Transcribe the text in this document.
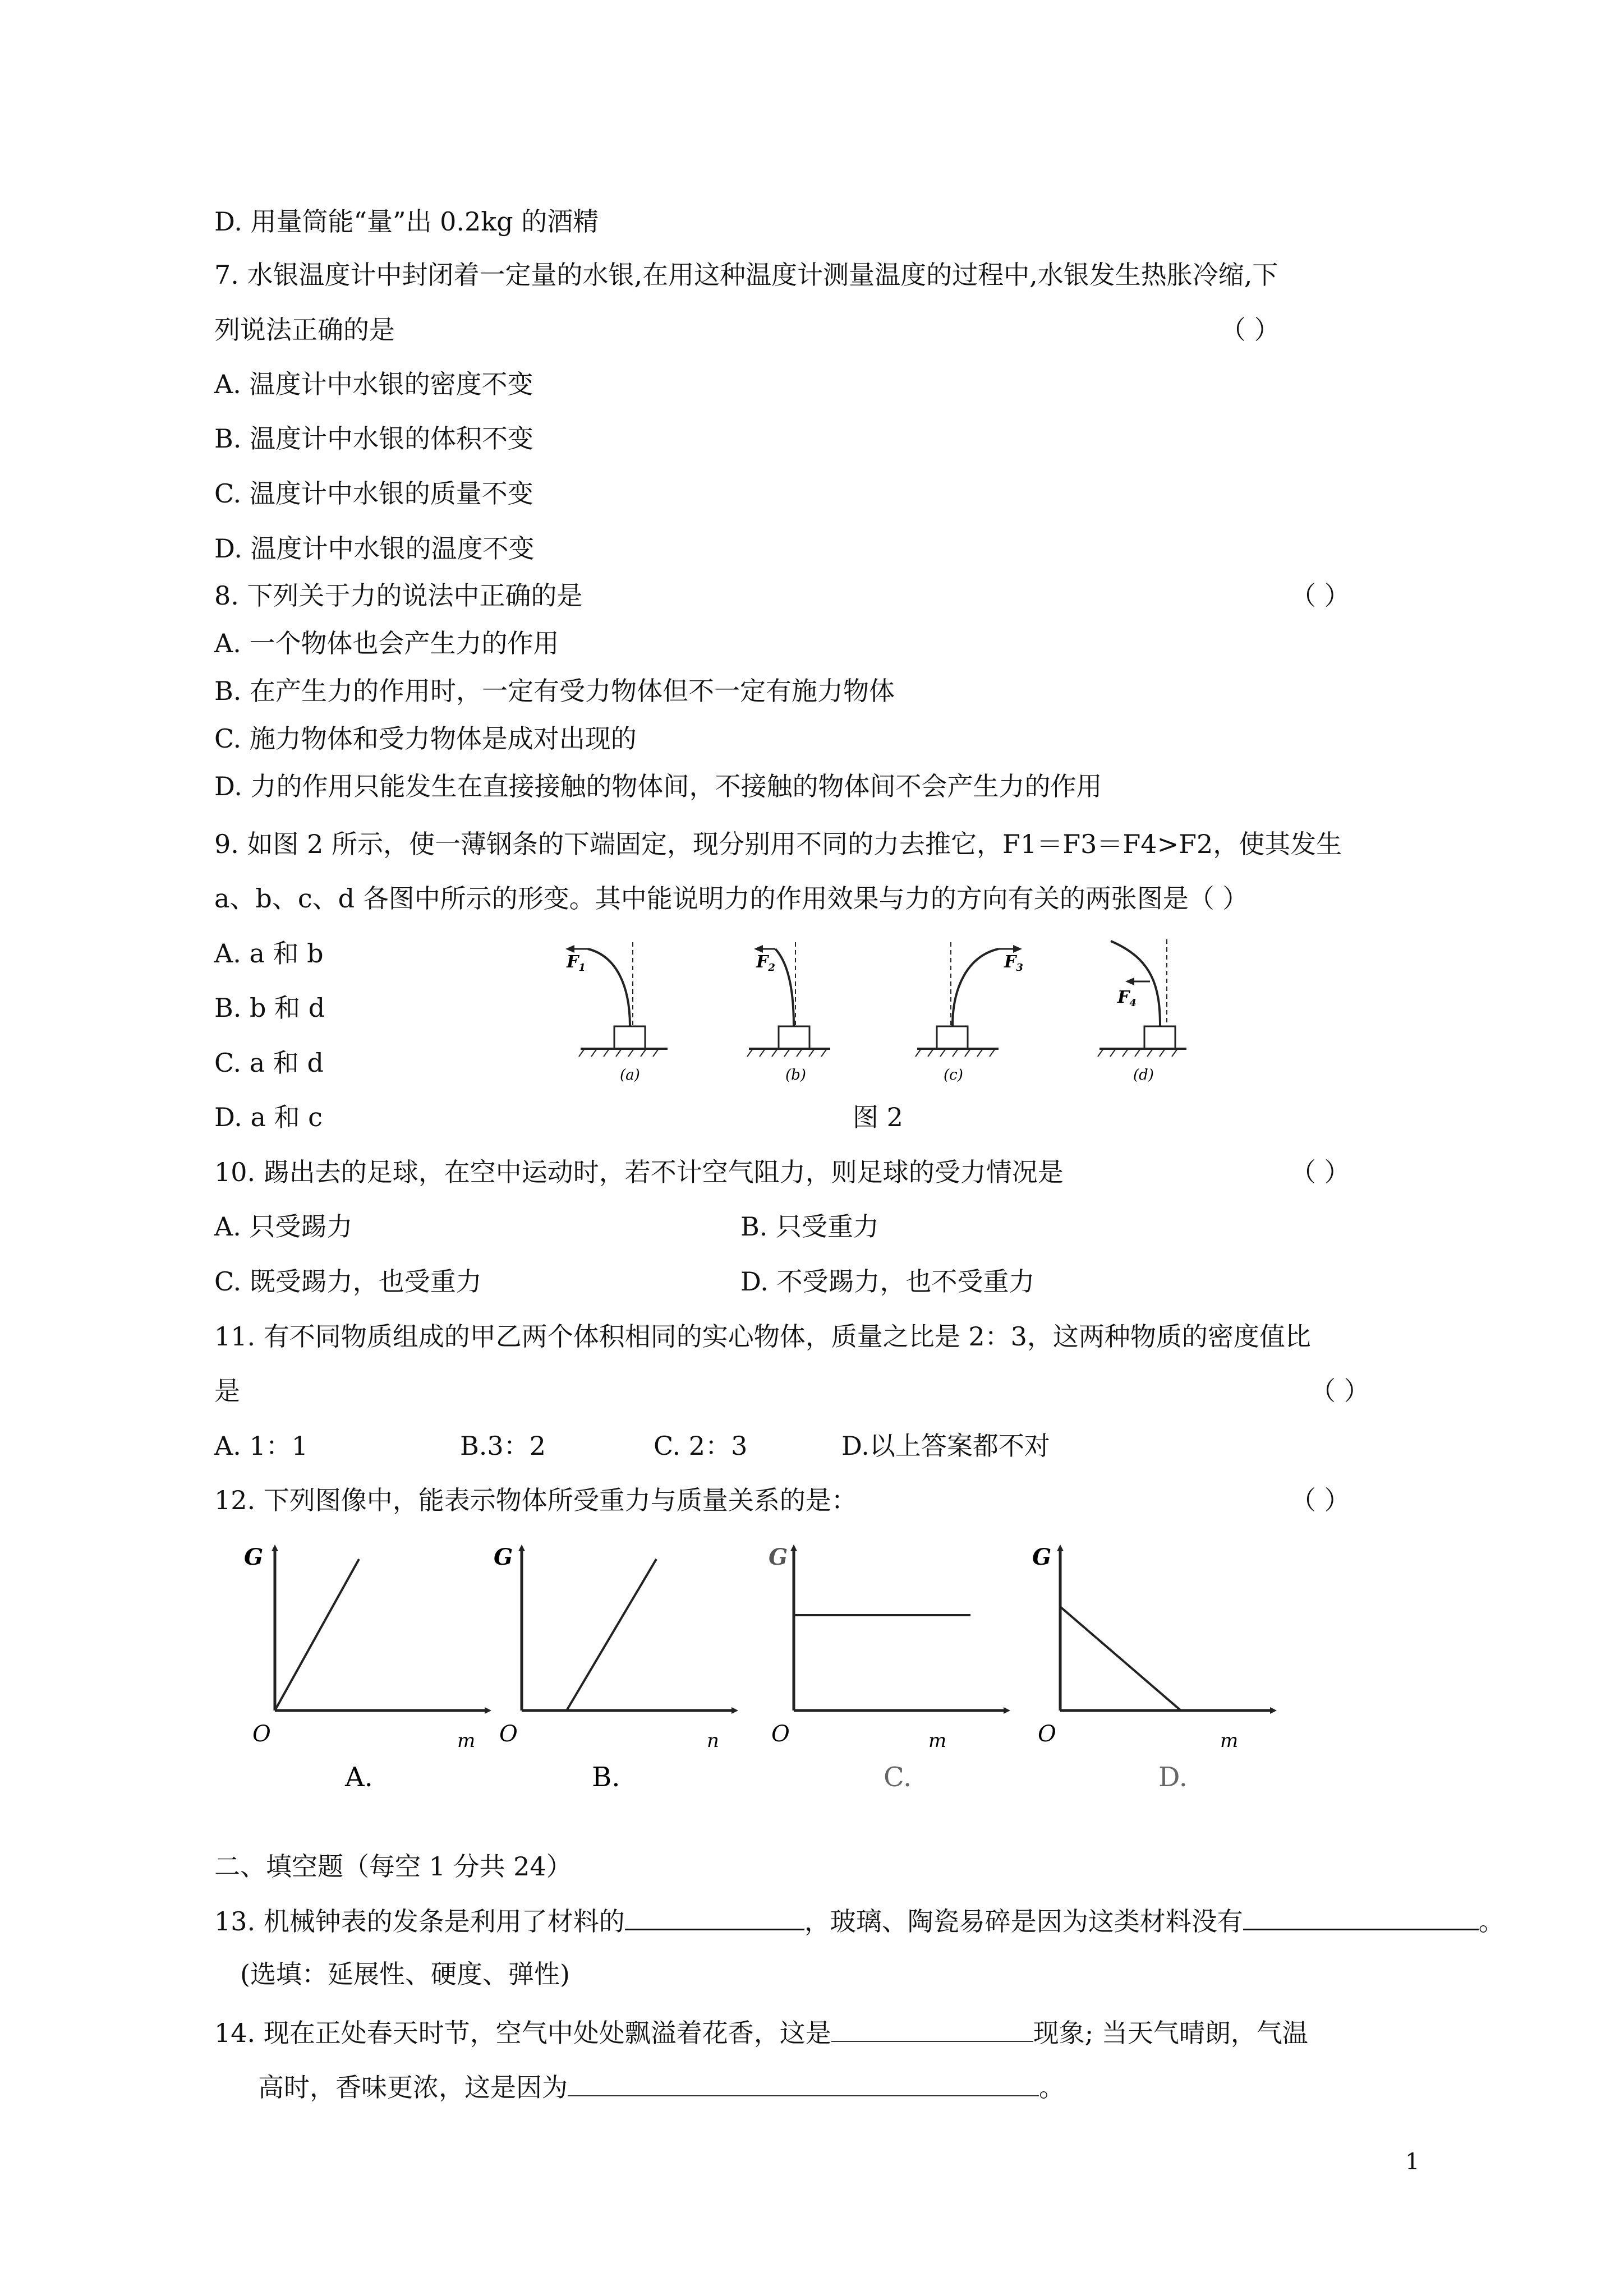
D. 用量筒能“量”出 0.2kg 的酒精
7. 水银温度计中封闭着一定量的水银,在用这种温度计测量温度的过程中,水银发生热胀冷缩,下
列说法正确的是	（ ）
A. 温度计中水银的密度不变
B. 温度计中水银的体积不变
C. 温度计中水银的质量不变
D. 温度计中水银的温度不变
8. 下列关于力的说法中正确的是	（ ）
A. 一个物体也会产生力的作用
B. 在产生力的作用时，一定有受力物体但不一定有施力物体
C. 施力物体和受力物体是成对出现的
D. 力的作用只能发生在直接接触的物体间，不接触的物体间不会产生力的作用
9. 如图 2 所示，使一薄钢条的下端固定，现分别用不同的力去推它，F1＝F3＝F4>F2，使其发生
a、b、c、d 各图中所示的形变。其中能说明力的作用效果与力的方向有关的两张图是（ ）
A. a 和 b
B. b 和 d
C. a 和 d
D. a 和 c	图 2
$F_1$
(a)
$F_2$
(b)
$F_3$
(c)
$F_4$
(d)
10. 踢出去的足球，在空中运动时，若不计空气阻力，则足球的受力情况是	（ ）
A. 只受踢力	B. 只受重力
C. 既受踢力，也受重力	D. 不受踢力，也不受重力
11. 有不同物质组成的甲乙两个体积相同的实心物体，质量之比是 2：3，这两种物质的密度值比
是	（ ）
A. 1：1	B.3：2	C. 2：3	D.以上答案都不对
12. 下列图像中，能表示物体所受重力与质量关系的是：	（ ）
G
O	m
A.
G
O	n
B.
G
O	m
C.
G
O	m
D.
二、填空题（每空 1 分共 24）
13. 机械钟表的发条是利用了材料的	，玻璃、陶瓷易碎是因为这类材料没有	。
(选填：延展性、硬度、弹性)
14. 现在正处春天时节，空气中处处飘溢着花香，这是	现象; 当天气晴朗，气温
高时，香味更浓，这是因为	。
1
